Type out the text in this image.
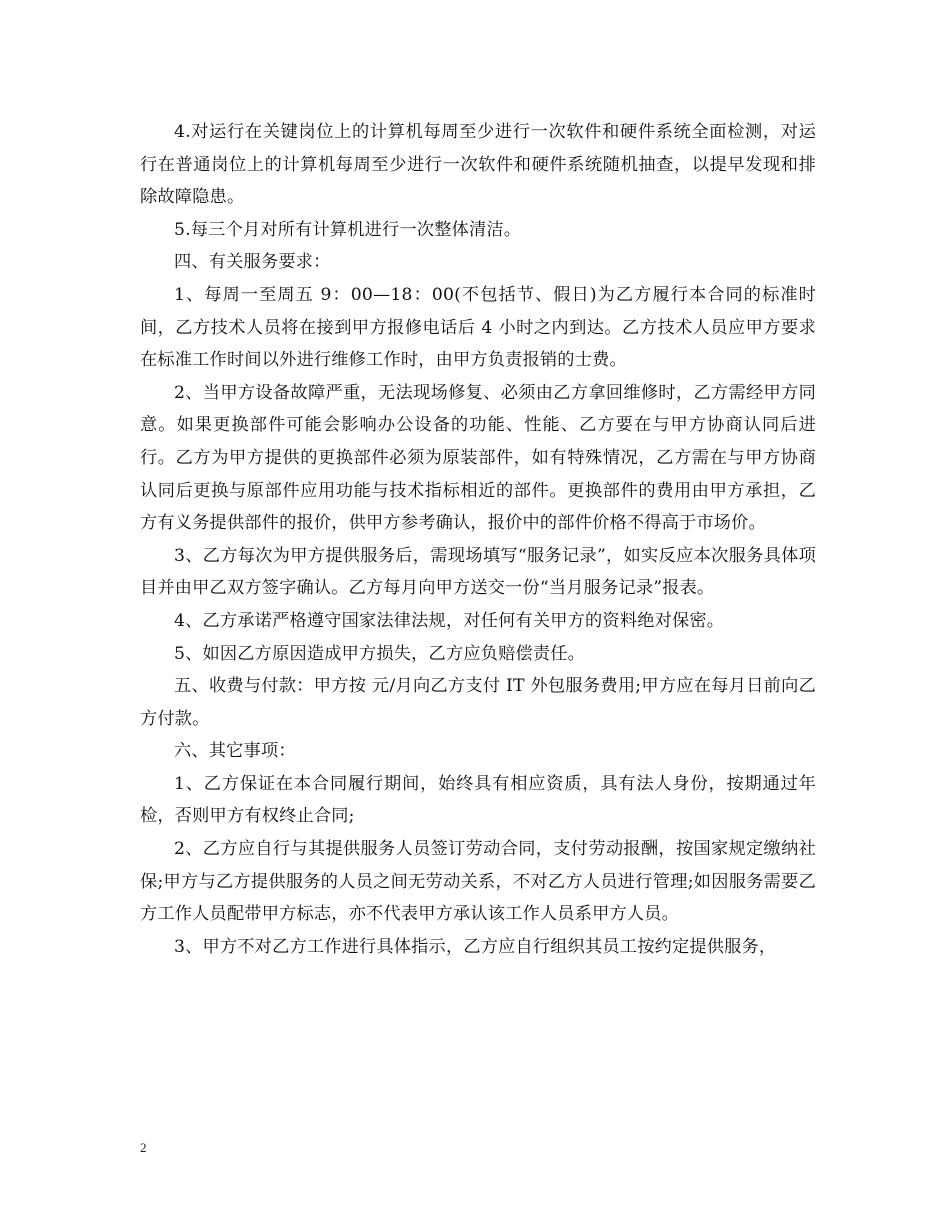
4.对运行在关键岗位上的计算机每周至少进行一次软件和硬件系统全面检测，对运行在普通岗位上的计算机每周至少进行一次软件和硬件系统随机抽查，以提早发现和排除故障隐患。

5.每三个月对所有计算机进行一次整体清洁。

四、有关服务要求：

1、每周一至周五 9：00—18：00(不包括节、假日)为乙方履行本合同的标准时间，乙方技术人员将在接到甲方报修电话后 4 小时之内到达。乙方技术人员应甲方要求在标准工作时间以外进行维修工作时，由甲方负责报销的士费。

2、当甲方设备故障严重，无法现场修复、必须由乙方拿回维修时，乙方需经甲方同意。如果更换部件可能会影响办公设备的功能、性能、乙方要在与甲方协商认同后进行。乙方为甲方提供的更换部件必须为原装部件，如有特殊情况，乙方需在与甲方协商认同后更换与原部件应用功能与技术指标相近的部件。更换部件的费用由甲方承担，乙方有义务提供部件的报价，供甲方参考确认，报价中的部件价格不得高于市场价。

3、乙方每次为甲方提供服务后，需现场填写“服务记录”，如实反应本次服务具体项目并由甲乙双方签字确认。乙方每月向甲方送交一份“当月服务记录”报表。

4、乙方承诺严格遵守国家法律法规，对任何有关甲方的资料绝对保密。

5、如因乙方原因造成甲方损失，乙方应负赔偿责任。

五、收费与付款：甲方按 元/月向乙方支付 IT 外包服务费用;甲方应在每月日前向乙方付款。

六、其它事项：

1、乙方保证在本合同履行期间，始终具有相应资质，具有法人身份，按期通过年检，否则甲方有权终止合同;

2、乙方应自行与其提供服务人员签订劳动合同，支付劳动报酬，按国家规定缴纳社保;甲方与乙方提供服务的人员之间无劳动关系，不对乙方人员进行管理;如因服务需要乙方工作人员配带甲方标志，亦不代表甲方承认该工作人员系甲方人员。

3、甲方不对乙方工作进行具体指示，乙方应自行组织其员工按约定提供服务，

2
